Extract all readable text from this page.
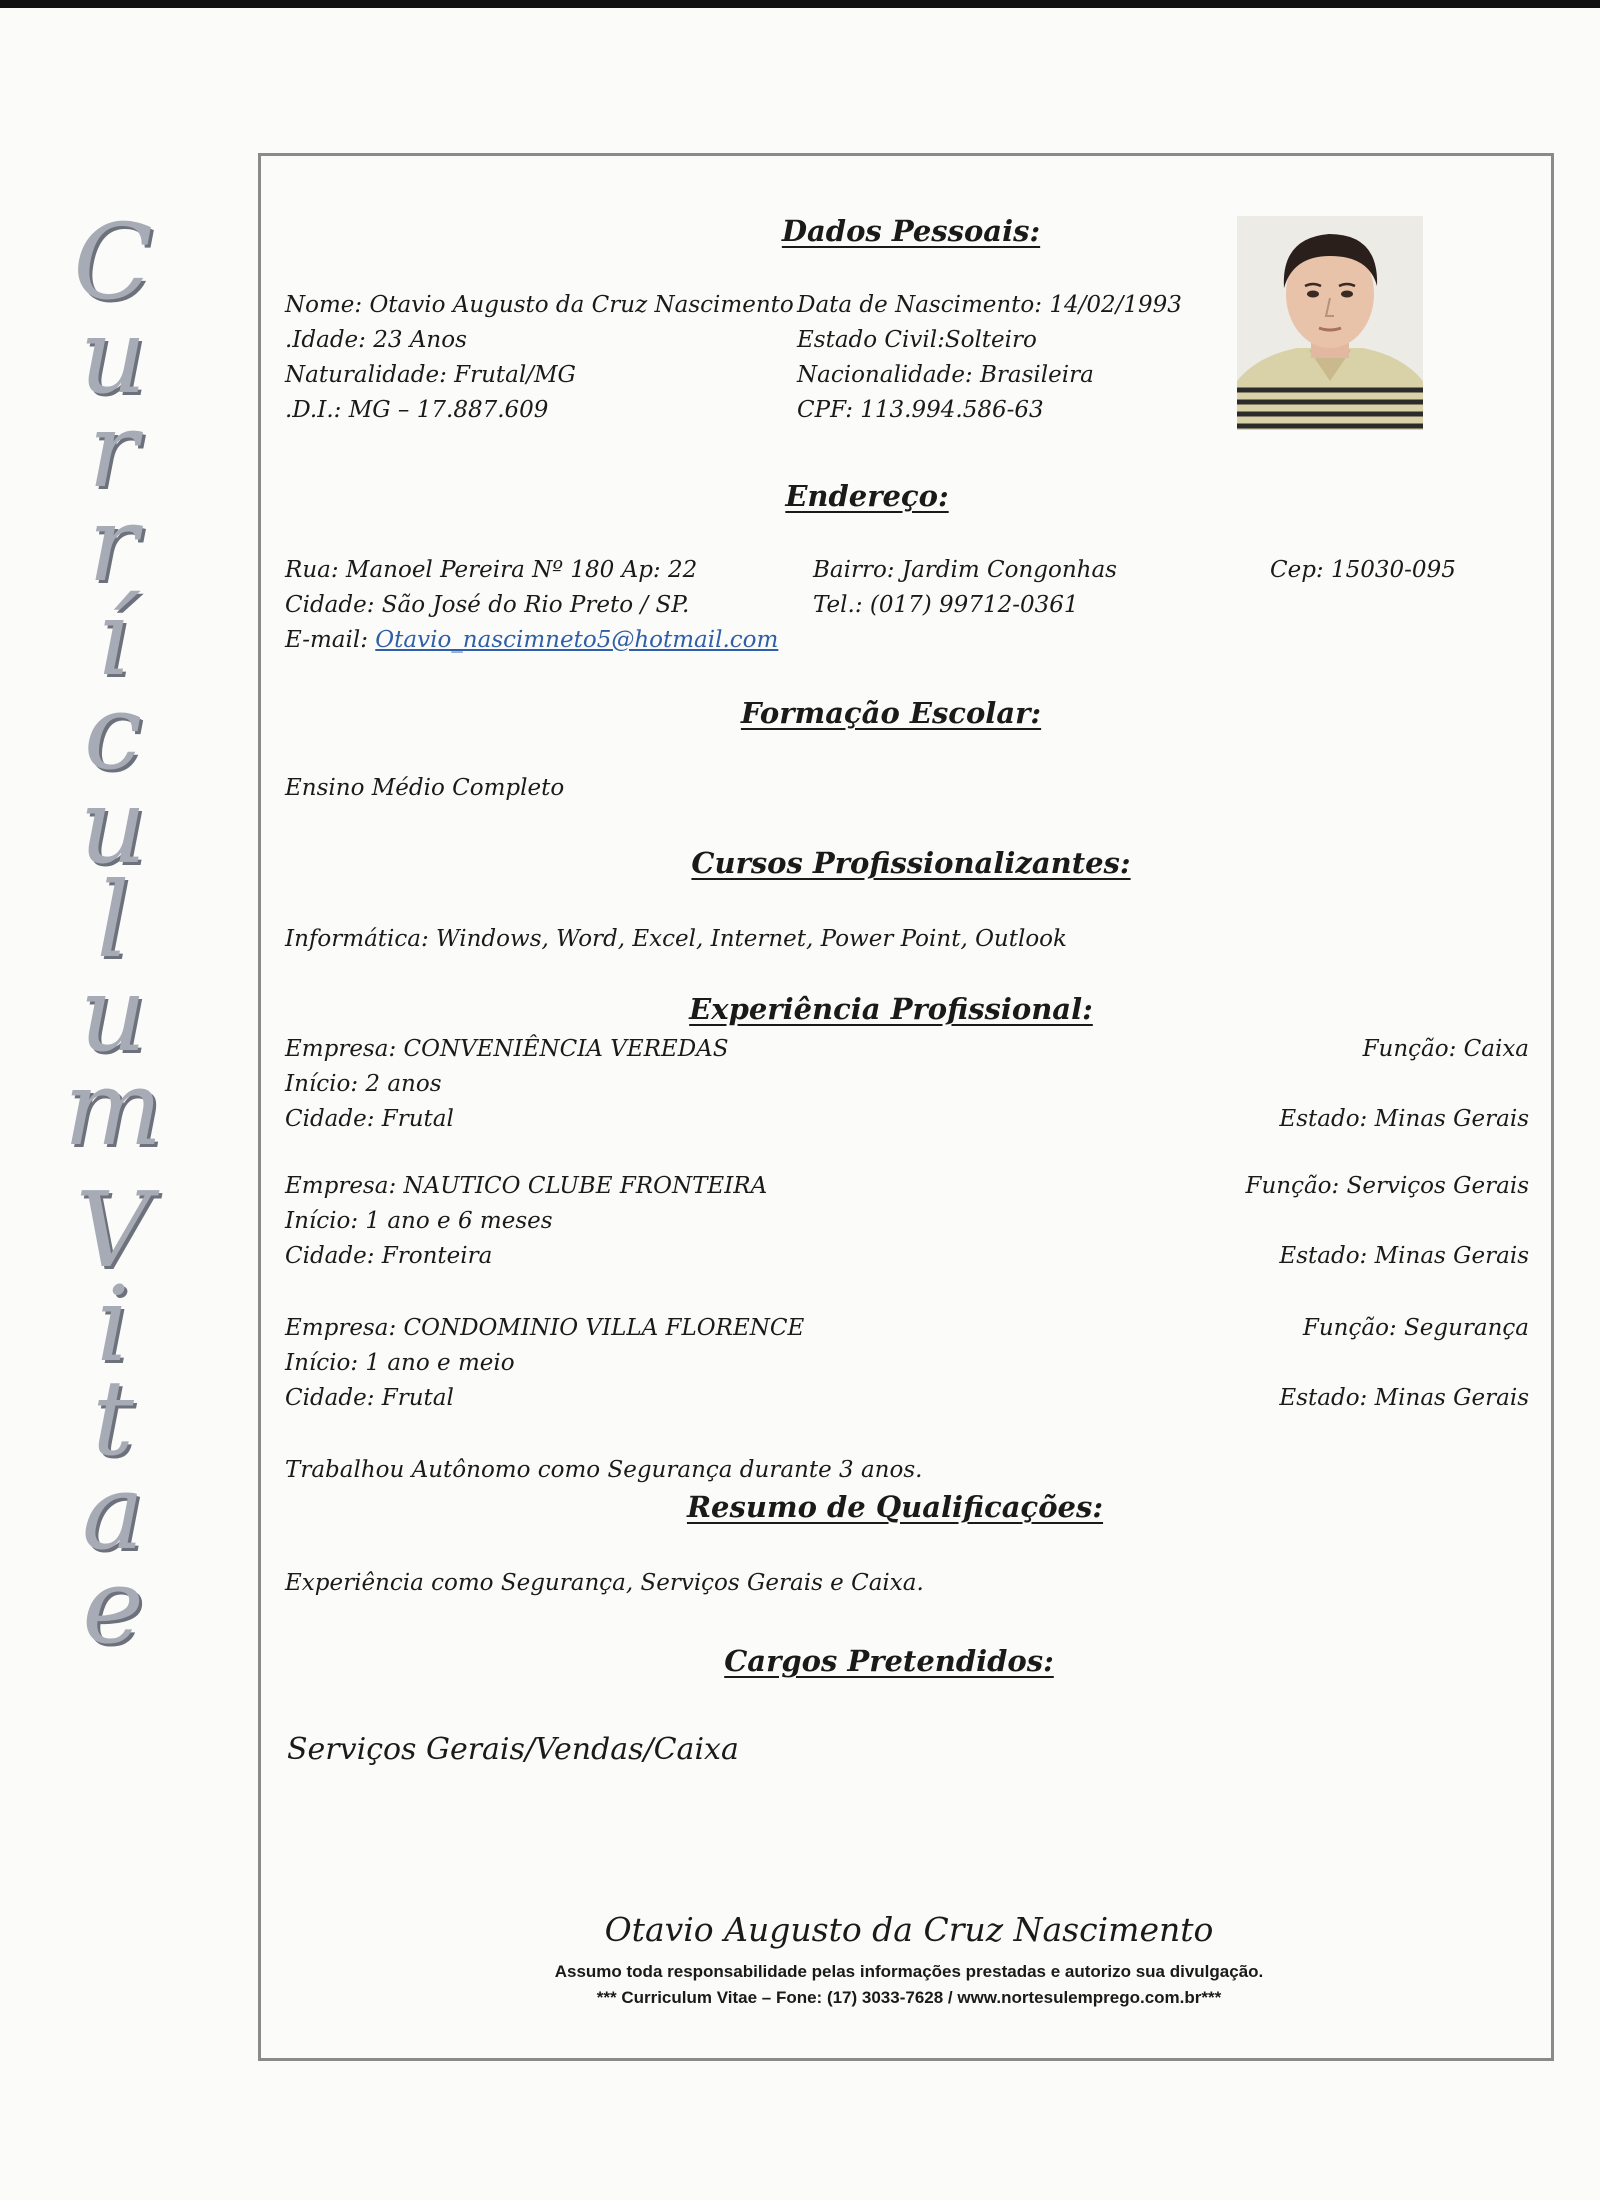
C
u
r
r
í
c
u
l
u
m
V
i
t
a
e
Dados Pessoais:
Nome: Otavio Augusto da Cruz Nascimento
.Idade: 23 Anos
Naturalidade: Frutal/MG
.D.I.: MG – 17.887.609
Data de Nascimento: 14/02/1993
Estado Civil:Solteiro
Nacionalidade: Brasileira
CPF: 113.994.586-63
Endereço:
Rua: Manoel Pereira Nº 180 Ap: 22
Cidade: São José do Rio Preto / SP.
E-mail: Otavio_nascimneto5@hotmail.com
Bairro: Jardim Congonhas
Tel.: (017) 99712-0361
Cep: 15030-095
Formação Escolar:
Ensino Médio Completo
Cursos Profissionalizantes:
Informática: Windows, Word, Excel, Internet, Power Point, Outlook
Experiência Profissional:
Empresa: CONVENIÊNCIA VEREDAS
Início: 2 anos
Cidade: Frutal
Função: Caixa

Estado: Minas Gerais
Empresa: NAUTICO CLUBE FRONTEIRA
Início: 1 ano e 6 meses
Cidade: Fronteira
Função: Serviços Gerais

Estado: Minas Gerais
Empresa: CONDOMINIO VILLA FLORENCE
Início: 1 ano e meio
Cidade: Frutal
Função: Segurança

Estado: Minas Gerais
Trabalhou Autônomo como Segurança durante 3 anos.
Resumo de Qualificações:
Experiência como Segurança, Serviços Gerais e Caixa.
Cargos Pretendidos:
Serviços Gerais/Vendas/Caixa
Otavio Augusto da Cruz Nascimento
Assumo toda responsabilidade pelas informações prestadas e autorizo sua divulgação.
*** Curriculum Vitae – Fone: (17) 3033-7628 / www.nortesulemprego.com.br***
